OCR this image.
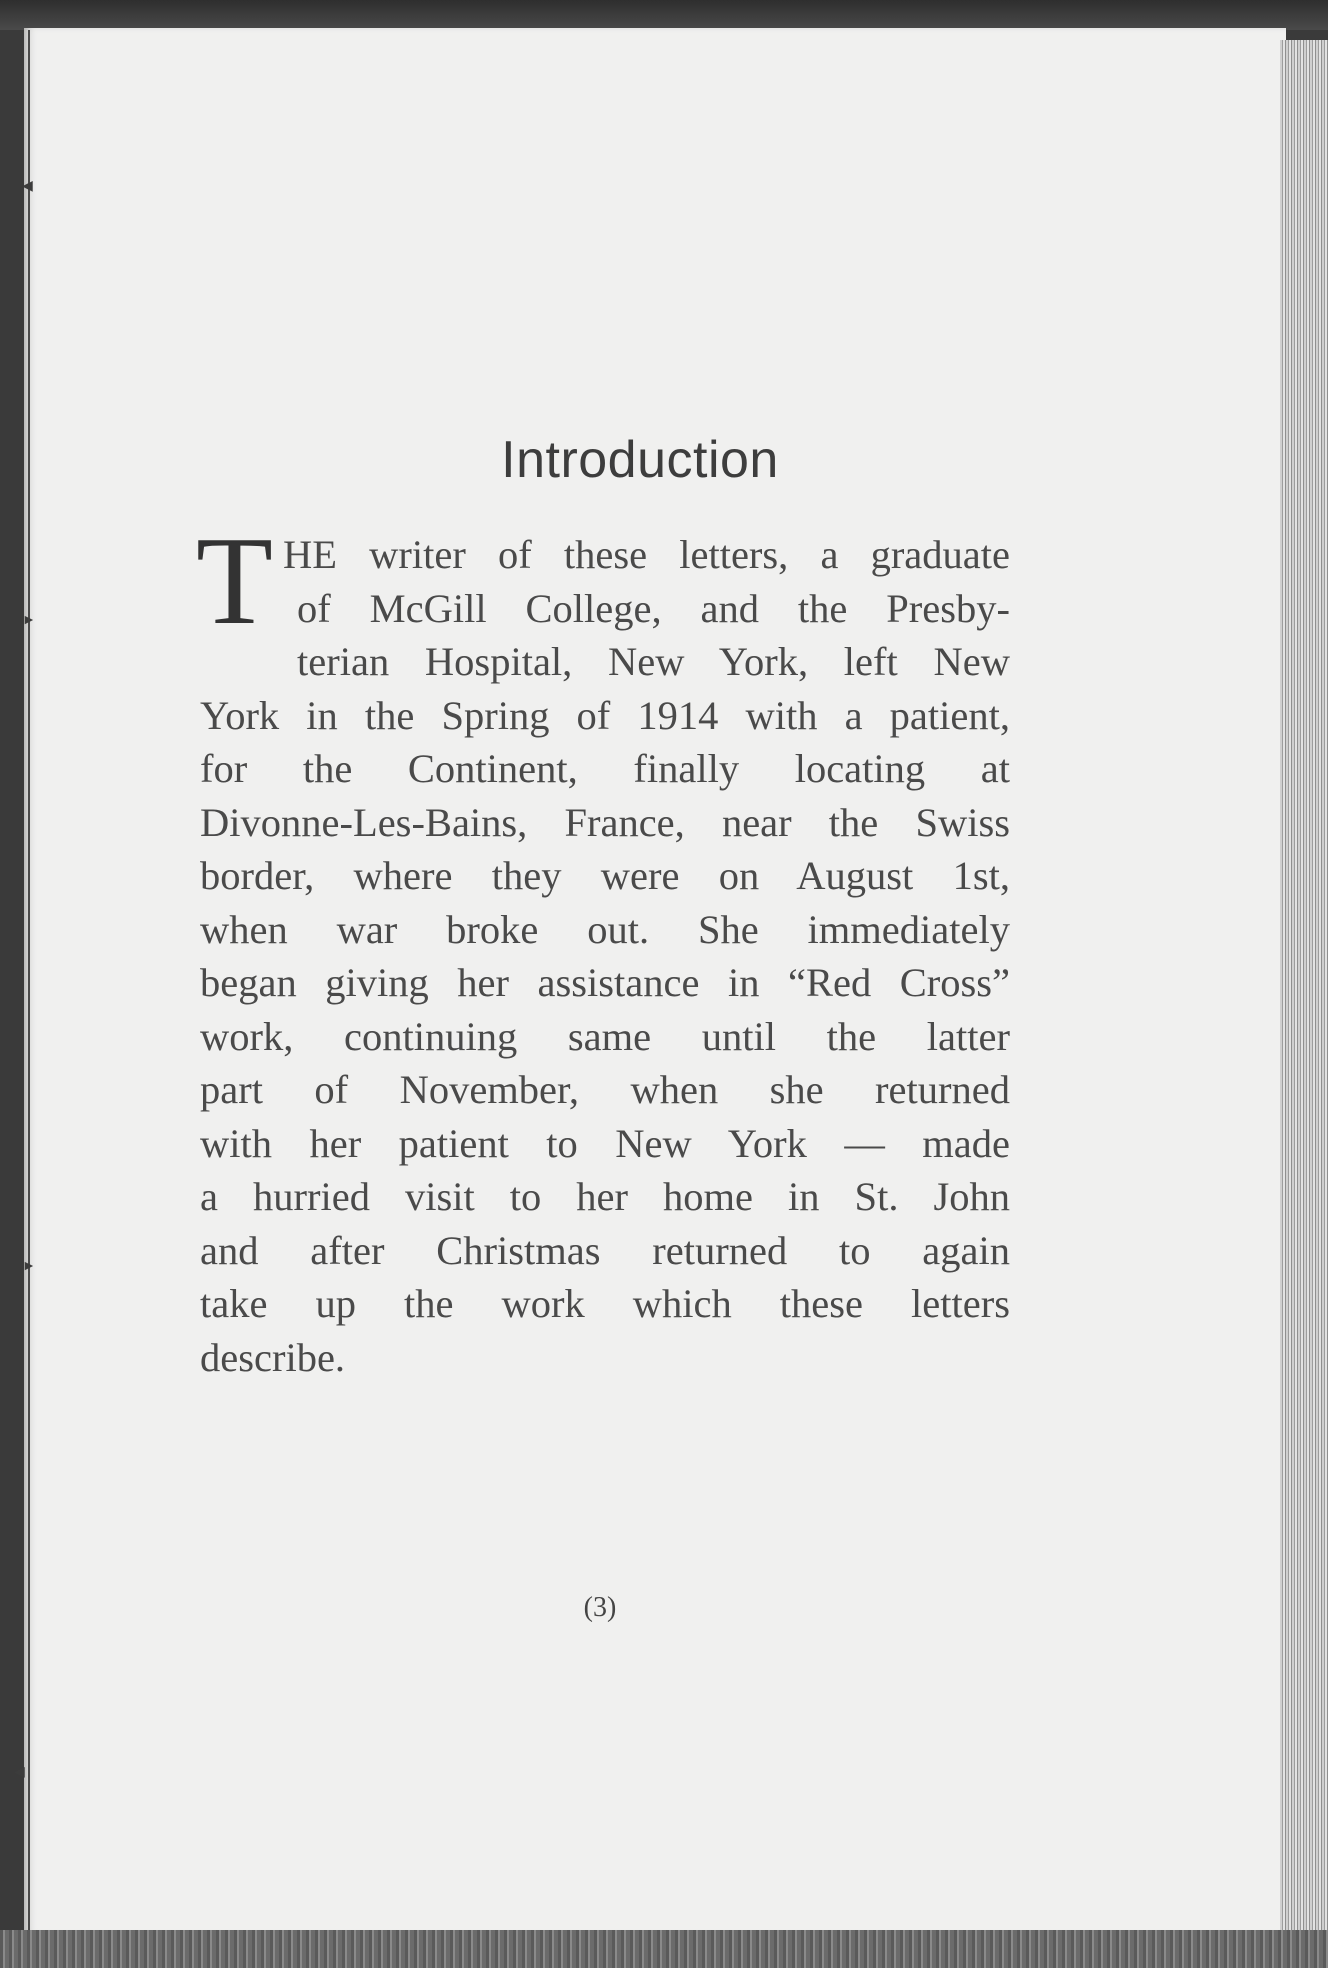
◀
►
►
◀
Introduction
T HE writer of these letters, a graduate
of McGill College, and the Presby-
terian Hospital, New York, left New
York in the Spring of 1914 with a patient,
for the Continent, finally locating at
Divonne-Les-Bains, France, near the Swiss
border, where they were on August 1st,
when war broke out. She immediately
began giving her assistance in “Red Cross”
work, continuing same until the latter
part of November, when she returned
with her patient to New York — made
a hurried visit to her home in St. John
and after Christmas returned to again
take up the work which these letters
describe.
(3)
